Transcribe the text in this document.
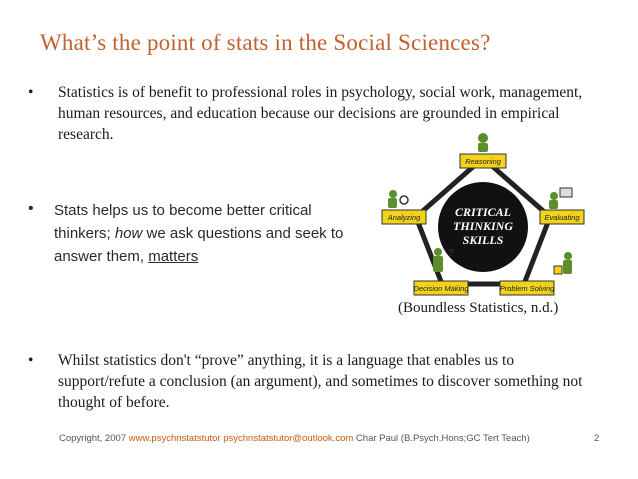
What’s the point of stats in the Social Sciences?
• Statistics is of benefit to professional roles in psychology, social work, management, human resources, and education because our decisions are grounded in empirical research.
• Stats helps us to become better critical thinkers; how we ask questions and seek to answer them, matters
CRITICAL
THINKING
SKILLS
Reasoning
Evaluating
Problem Solving
Decision Making
Analyzing
?
(Boundless Statistics, n.d.)
• Whilst statistics don't “prove” anything, it is a language that enables us to support/refute a conclusion (an argument), and sometimes to discover something not thought of before.
Copyright, 2007 www.psychnstatstutor psychnstatstutor@outlook.com Char Paul (B.Psych.Hons;GC Tert Teach)	2
